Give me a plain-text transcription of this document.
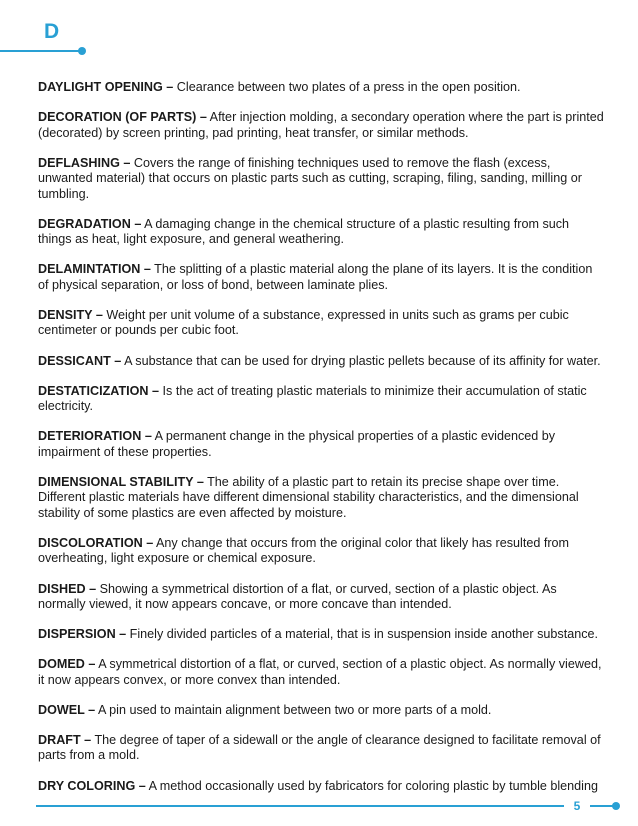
D

DAYLIGHT OPENING – Clearance between two plates of a press in the open position.

DECORATION (OF PARTS) – After injection molding, a secondary operation where the part is printed (decorated) by screen printing, pad printing, heat transfer, or similar methods.

DEFLASHING – Covers the range of finishing techniques used to remove the flash (excess, unwanted material) that occurs on plastic parts such as cutting, scraping, filing, sanding, milling or tumbling.

DEGRADATION – A damaging change in the chemical structure of a plastic resulting from such things as heat, light exposure, and general weathering.

DELAMINTATION – The splitting of a plastic material along the plane of its layers. It is the condition of physical separation, or loss of bond, between laminate plies.

DENSITY – Weight per unit volume of a substance, expressed in units such as grams per cubic centimeter or pounds per cubic foot.

DESSICANT – A substance that can be used for drying plastic pellets because of its affinity for water.

DESTATICIZATION – Is the act of treating plastic materials to minimize their accumulation of static electricity.

DETERIORATION – A permanent change in the physical properties of a plastic evidenced by impairment of these properties.

DIMENSIONAL STABILITY – The ability of a plastic part to retain its precise shape over time. Different plastic materials have different dimensional stability characteristics, and the dimensional stability of some plastics are even affected by moisture.

DISCOLORATION – Any change that occurs from the original color that likely has resulted from overheating, light exposure or chemical exposure.

DISHED – Showing a symmetrical distortion of a flat, or curved, section of a plastic object. As normally viewed, it now appears concave, or more concave than intended.

DISPERSION – Finely divided particles of a material, that is in suspension inside another substance.

DOMED – A symmetrical distortion of a flat, or curved, section of a plastic object. As normally viewed, it now appears convex, or more convex than intended.

DOWEL – A pin used to maintain alignment between two or more parts of a mold.

DRAFT – The degree of taper of a sidewall or the angle of clearance designed to facilitate removal of parts from a mold.

DRY COLORING – A method occasionally used by fabricators for coloring plastic by tumble blending

5
